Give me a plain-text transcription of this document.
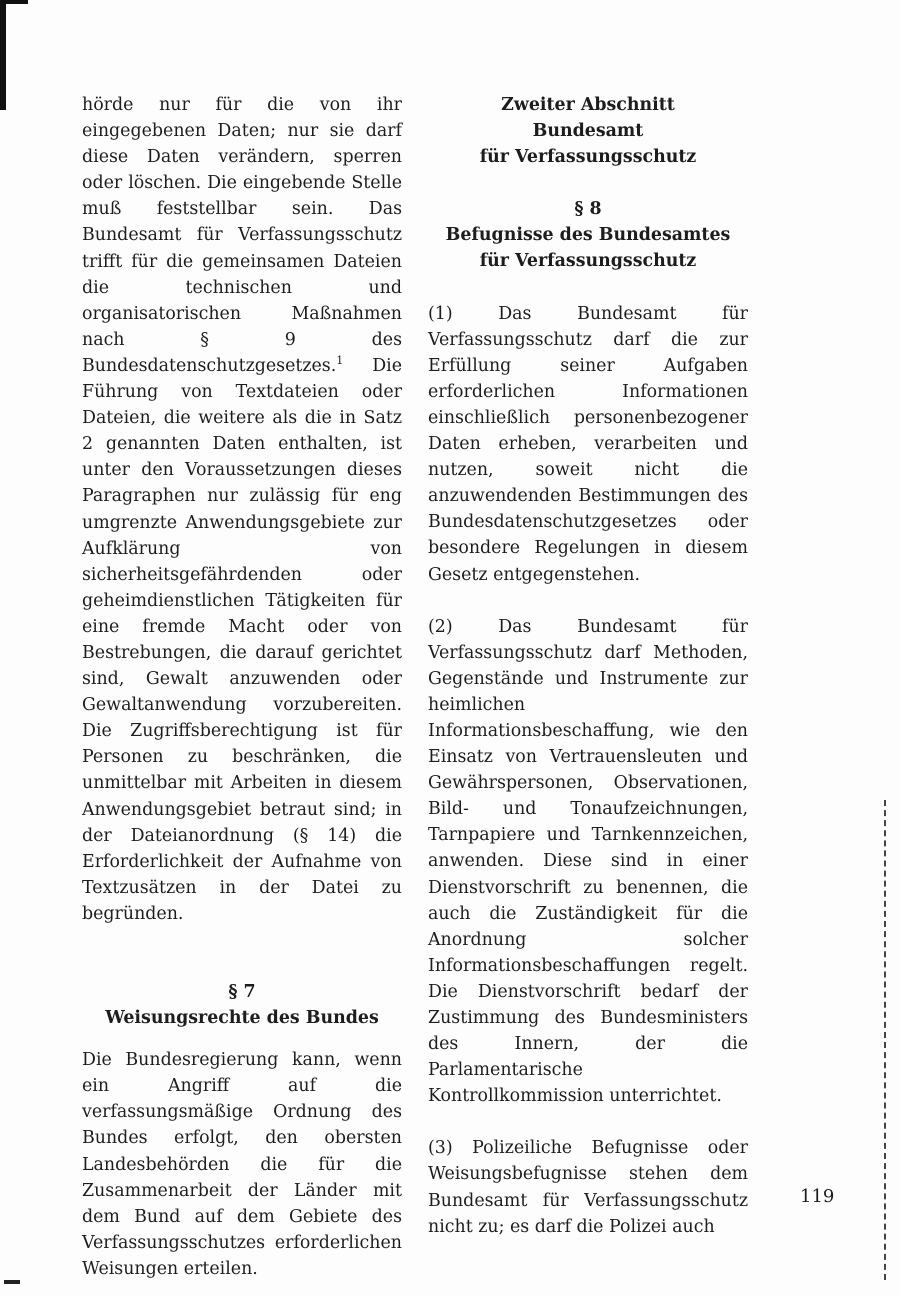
hörde nur für die von ihr eingegebenen Daten; nur sie darf diese Daten verändern, sperren oder löschen. Die eingebende Stelle muß feststellbar sein. Das Bundesamt für Verfassungsschutz trifft für die gemeinsamen Dateien die technischen und organisatorischen Maßnahmen nach § 9 des Bundesdatenschutzgesetzes.$^1$ Die Führung von Textdateien oder Dateien, die weitere als die in Satz 2 genannten Daten enthalten, ist unter den Voraussetzungen dieses Paragraphen nur zulässig für eng umgrenzte Anwendungsgebiete zur Aufklärung von sicherheitsgefährdenden oder geheimdienstlichen Tätigkeiten für eine fremde Macht oder von Bestrebungen, die darauf gerichtet sind, Gewalt anzuwenden oder Gewaltanwendung vorzubereiten. Die Zugriffsberechtigung ist für Personen zu beschränken, die unmittelbar mit Arbeiten in diesem Anwendungsgebiet betraut sind; in der Dateianordnung (§ 14) die Erforderlichkeit der Aufnahme von Textzusätzen in der Datei zu begründen.

§ 7
Weisungsrechte des Bundes

Die Bundesregierung kann, wenn ein Angriff auf die verfassungsmäßige Ordnung des Bundes erfolgt, den obersten Landesbehörden die für die Zusammenarbeit der Länder mit dem Bund auf dem Gebiete des Verfassungsschutzes erforderlichen Weisungen erteilen.

Zweiter Abschnitt
Bundesamt
für Verfassungsschutz
§ 8
Befugnisse des Bundesamtes
für Verfassungsschutz

(1) Das Bundesamt für Verfassungsschutz darf die zur Erfüllung seiner Aufgaben erforderlichen Informationen einschließlich personenbezogener Daten erheben, verarbeiten und nutzen, soweit nicht die anzuwendenden Bestimmungen des Bundesdatenschutzgesetzes oder besondere Regelungen in diesem Gesetz entgegenstehen.

(2) Das Bundesamt für Verfassungsschutz darf Methoden, Gegenstände und Instrumente zur heimlichen Informationsbeschaffung, wie den Einsatz von Vertrauensleuten und Gewährspersonen, Observationen, Bild- und Tonaufzeichnungen, Tarnpapiere und Tarnkennzeichen, anwenden. Diese sind in einer Dienstvorschrift zu benennen, die auch die Zuständigkeit für die Anordnung solcher Informationsbeschaffungen regelt. Die Dienstvorschrift bedarf der Zustimmung des Bundesministers des Innern, der die Parlamentarische Kontrollkommission unterrichtet.

(3) Polizeiliche Befugnisse oder Weisungsbefugnisse stehen dem Bundesamt für Verfassungsschutz nicht zu; es darf die Polizei auch

119
